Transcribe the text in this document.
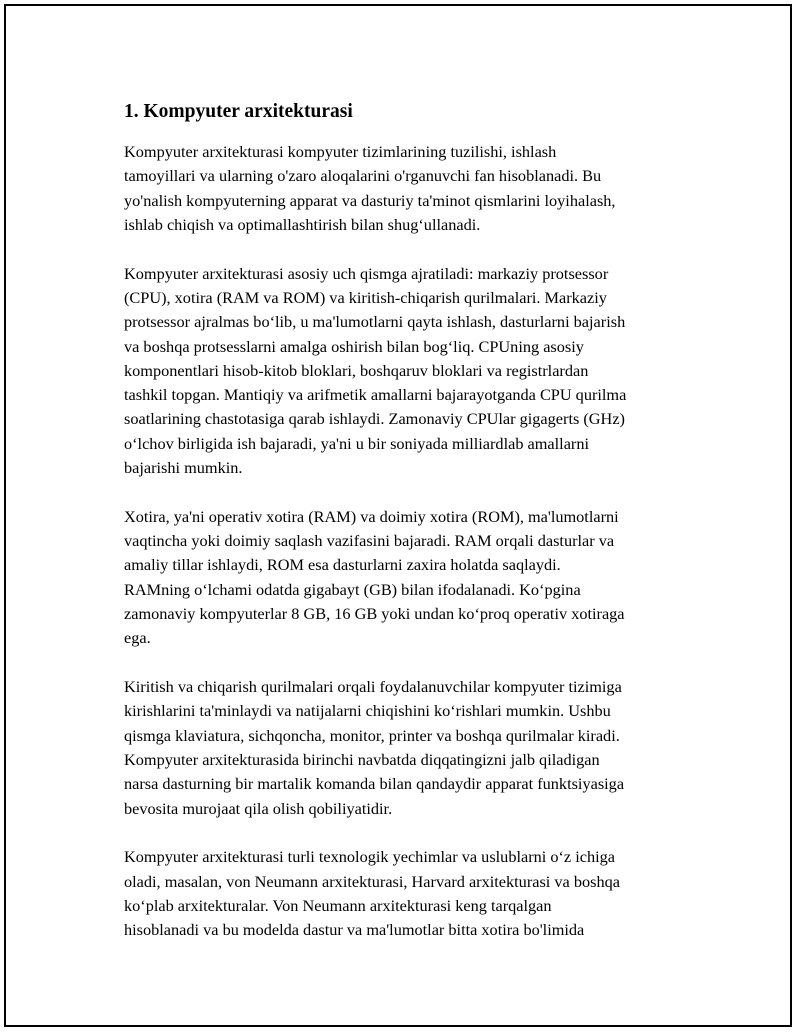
1. Kompyuter arxitekturasi

Kompyuter arxitekturasi kompyuter tizimlarining tuzilishi, ishlash
tamoyillari va ularning o'zaro aloqalarini o'rganuvchi fan hisoblanadi. Bu
yo'nalish kompyuterning apparat va dasturiy ta'minot qismlarini loyihalash,
ishlab chiqish va optimallashtirish bilan shug‘ullanadi.

Kompyuter arxitekturasi asosiy uch qismga ajratiladi: markaziy protsessor
(CPU), xotira (RAM va ROM) va kiritish-chiqarish qurilmalari. Markaziy
protsessor ajralmas bo‘lib, u ma'lumotlarni qayta ishlash, dasturlarni bajarish
va boshqa protsesslarni amalga oshirish bilan bog‘liq. CPUning asosiy
komponentlari hisob-kitob bloklari, boshqaruv bloklari va registrlardan
tashkil topgan. Mantiqiy va arifmetik amallarni bajarayotganda CPU qurilma
soatlarining chastotasiga qarab ishlaydi. Zamonaviy CPUlar gigagerts (GHz)
o‘lchov birligida ish bajaradi, ya'ni u bir soniyada milliardlab amallarni
bajarishi mumkin.

Xotira, ya'ni operativ xotira (RAM) va doimiy xotira (ROM), ma'lumotlarni
vaqtincha yoki doimiy saqlash vazifasini bajaradi. RAM orqali dasturlar va
amaliy tillar ishlaydi, ROM esa dasturlarni zaxira holatda saqlaydi.
RAMning o‘lchami odatda gigabayt (GB) bilan ifodalanadi. Ko‘pgina
zamonaviy kompyuterlar 8 GB, 16 GB yoki undan ko‘proq operativ xotiraga
ega.

Kiritish va chiqarish qurilmalari orqali foydalanuvchilar kompyuter tizimiga
kirishlarini ta'minlaydi va natijalarni chiqishini ko‘rishlari mumkin. Ushbu
qismga klaviatura, sichqoncha, monitor, printer va boshqa qurilmalar kiradi.
Kompyuter arxitekturasida birinchi navbatda diqqatingizni jalb qiladigan
narsa dasturning bir martalik komanda bilan qandaydir apparat funktsiyasiga
bevosita murojaat qila olish qobiliyatidir.

Kompyuter arxitekturasi turli texnologik yechimlar va uslublarni o‘z ichiga
oladi, masalan, von Neumann arxitekturasi, Harvard arxitekturasi va boshqa
ko‘plab arxitekturalar. Von Neumann arxitekturasi keng tarqalgan
hisoblanadi va bu modelda dastur va ma'lumotlar bitta xotira bo'limida
